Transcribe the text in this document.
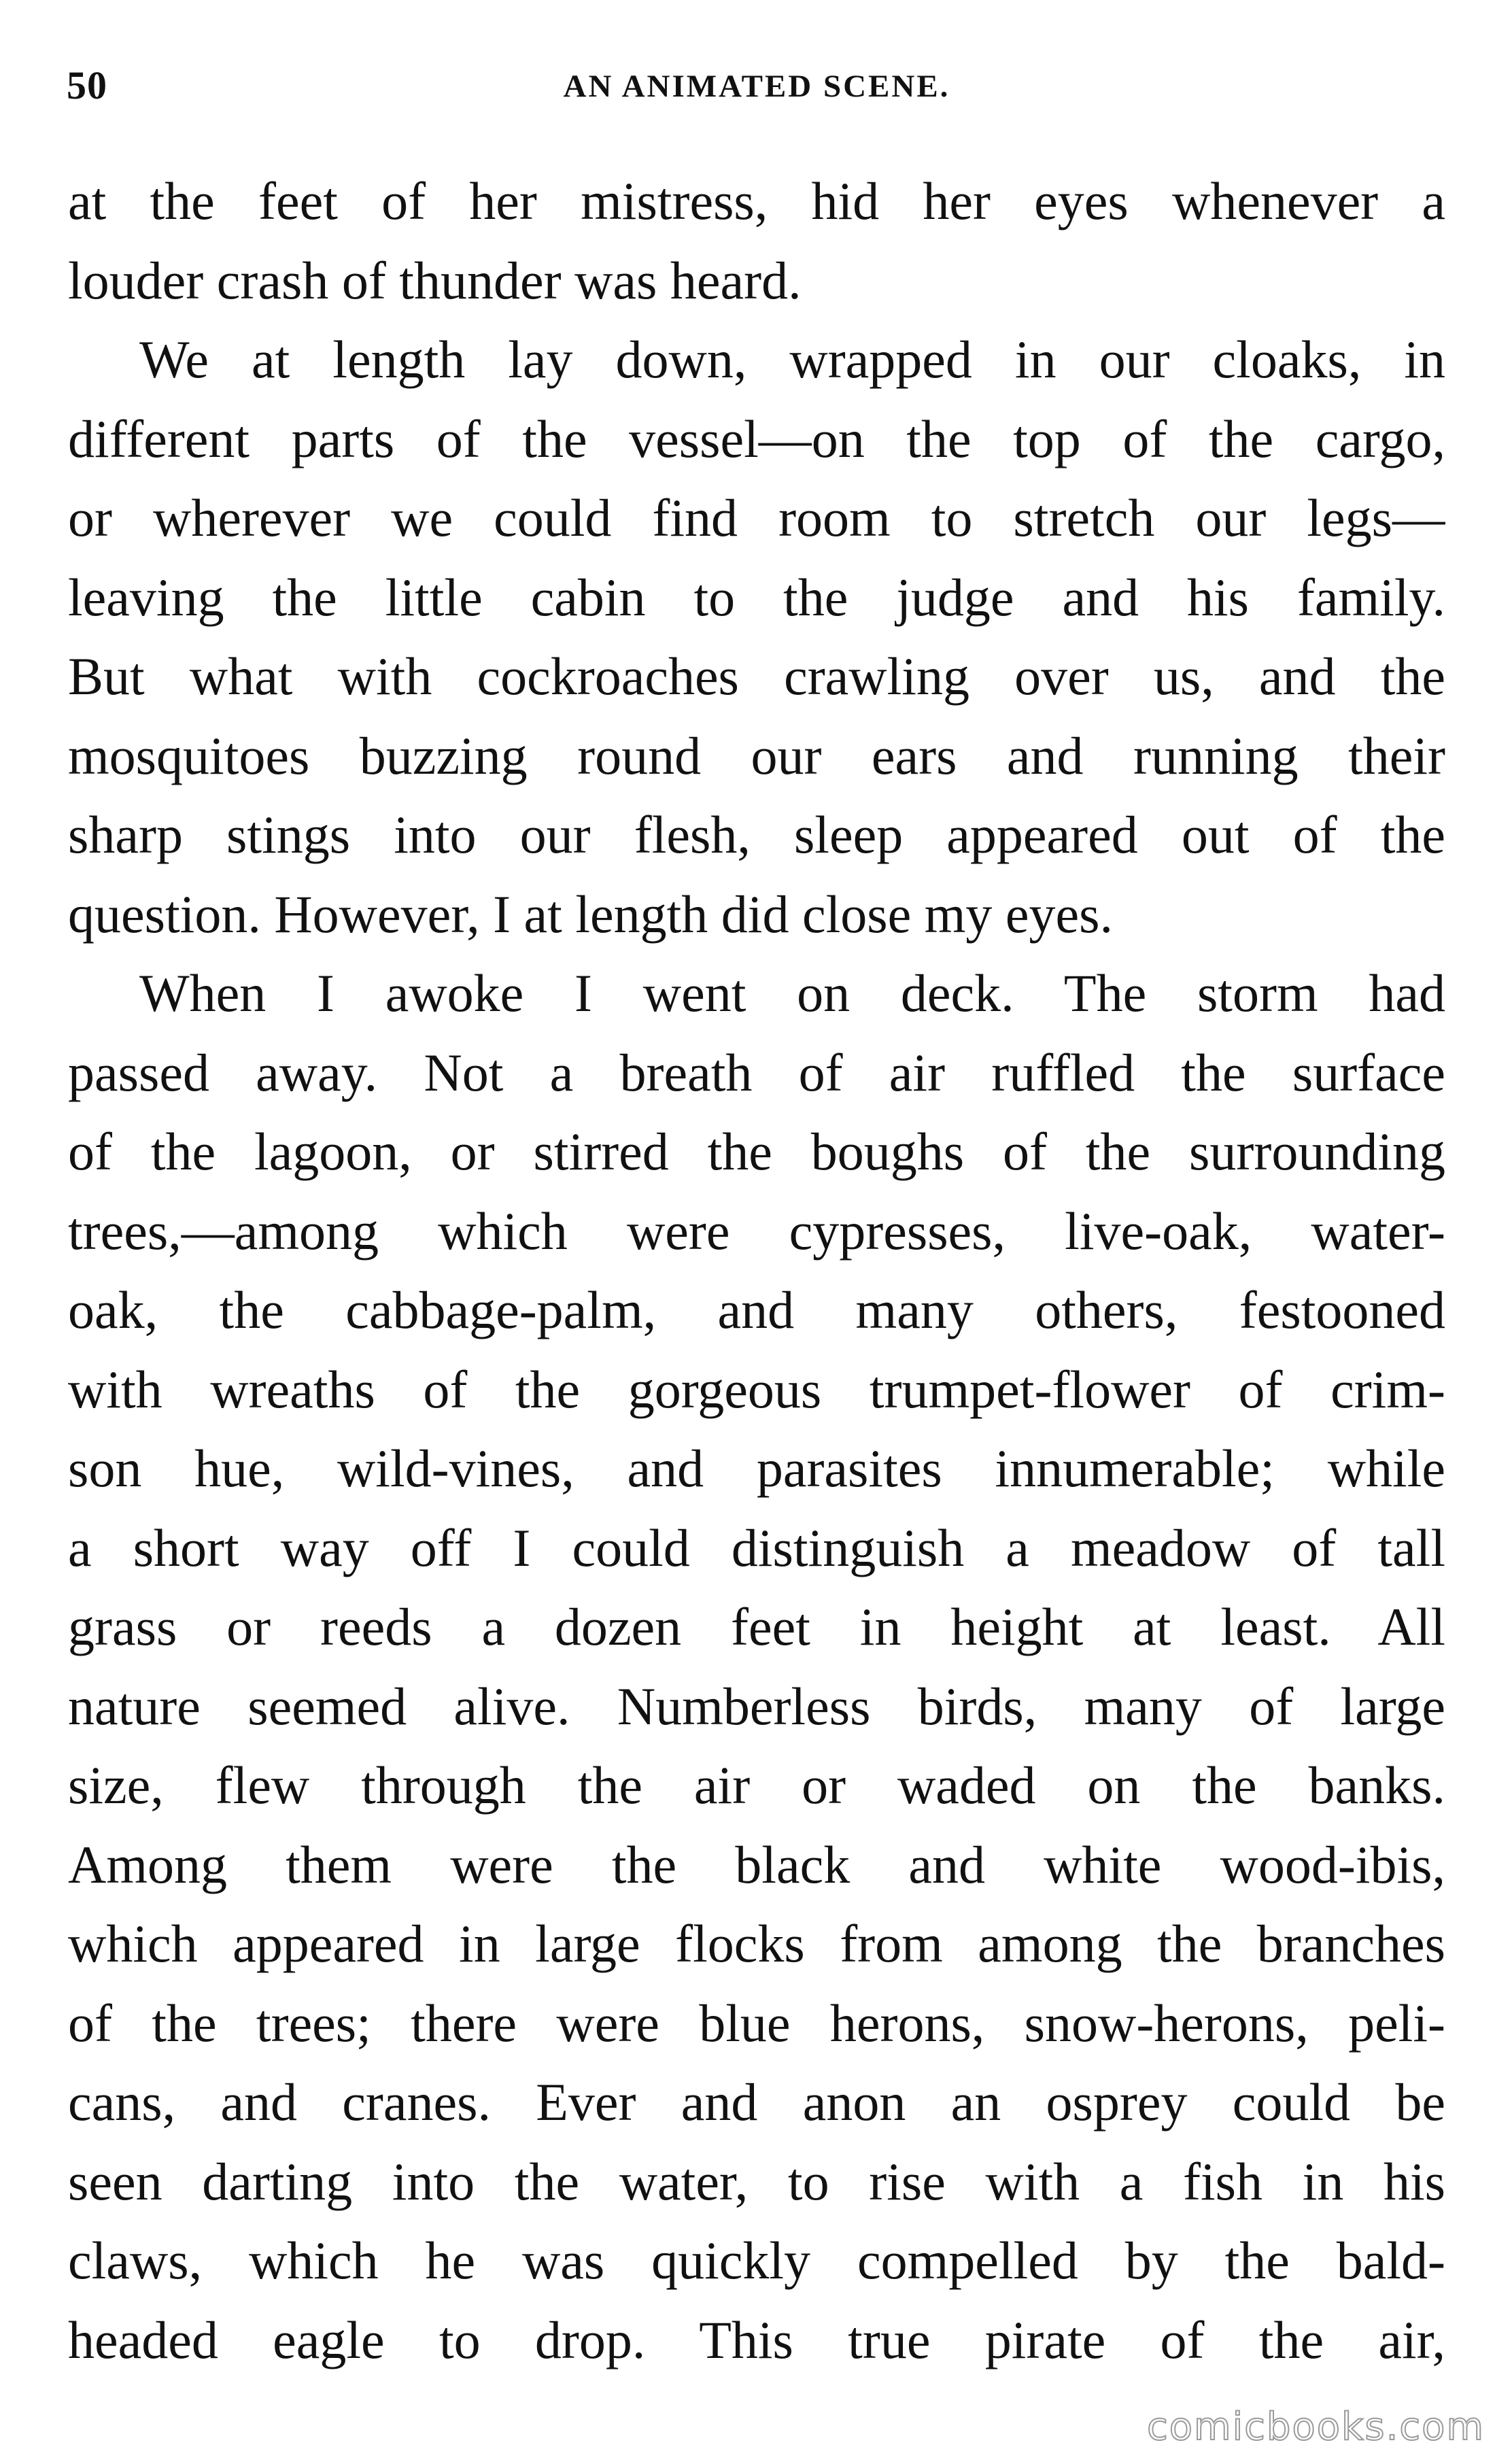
50	AN ANIMATED SCENE.
at the feet of her mistress, hid her eyes whenever a
louder crash of thunder was heard.
We at length lay down, wrapped in our cloaks, in
different parts of the vessel—on the top of the cargo,
or wherever we could find room to stretch our legs—
leaving the little cabin to the judge and his family.
But what with cockroaches crawling over us, and the
mosquitoes buzzing round our ears and running their
sharp stings into our flesh, sleep appeared out of the
question. However, I at length did close my eyes.
When I awoke I went on deck. The storm had
passed away. Not a breath of air ruffled the surface
of the lagoon, or stirred the boughs of the surrounding
trees,—among which were cypresses, live-oak, water-
oak, the cabbage-palm, and many others, festooned
with wreaths of the gorgeous trumpet-flower of crim-
son hue, wild-vines, and parasites innumerable; while
a short way off I could distinguish a meadow of tall
grass or reeds a dozen feet in height at least. All
nature seemed alive. Numberless birds, many of large
size, flew through the air or waded on the banks.
Among them were the black and white wood-ibis,
which appeared in large flocks from among the branches
of the trees; there were blue herons, snow-herons, peli-
cans, and cranes. Ever and anon an osprey could be
seen darting into the water, to rise with a fish in his
claws, which he was quickly compelled by the bald-
headed eagle to drop. This true pirate of the air,
comicbooks.com
